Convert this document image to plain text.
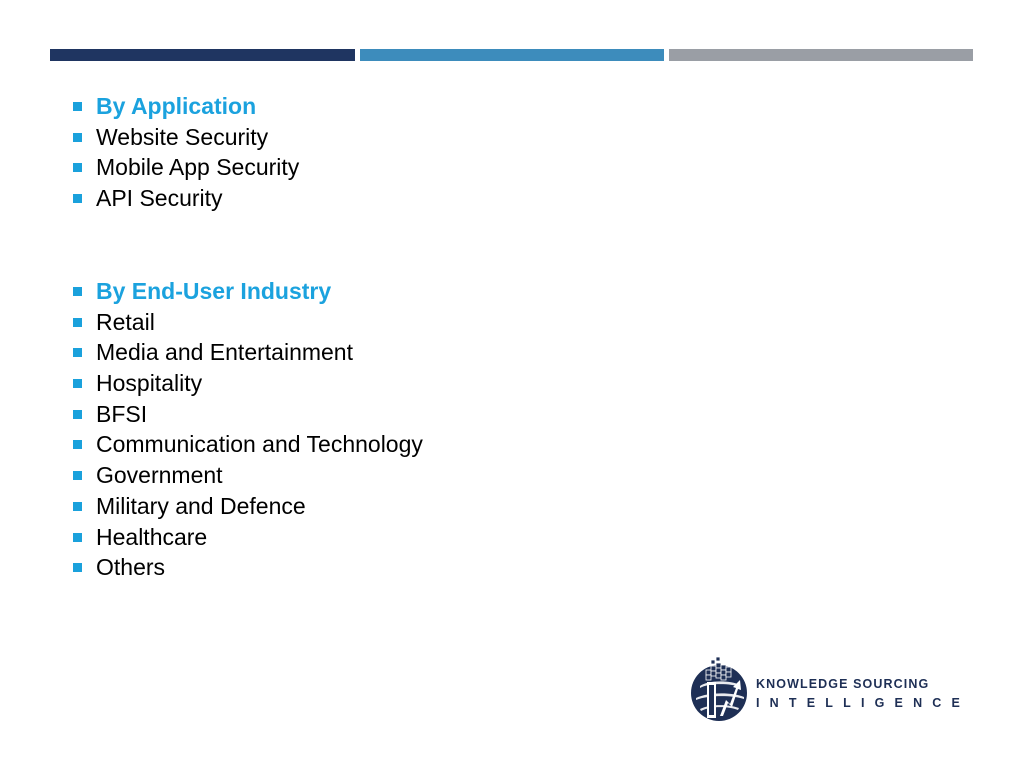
By Application
Website Security
Mobile App Security
API Security
By End-User Industry
Retail
Media and Entertainment
Hospitality
BFSI
Communication and Technology
Government
Military and Defence
Healthcare
Others
KNOWLEDGE SOURCING
INTELLIGENCE
